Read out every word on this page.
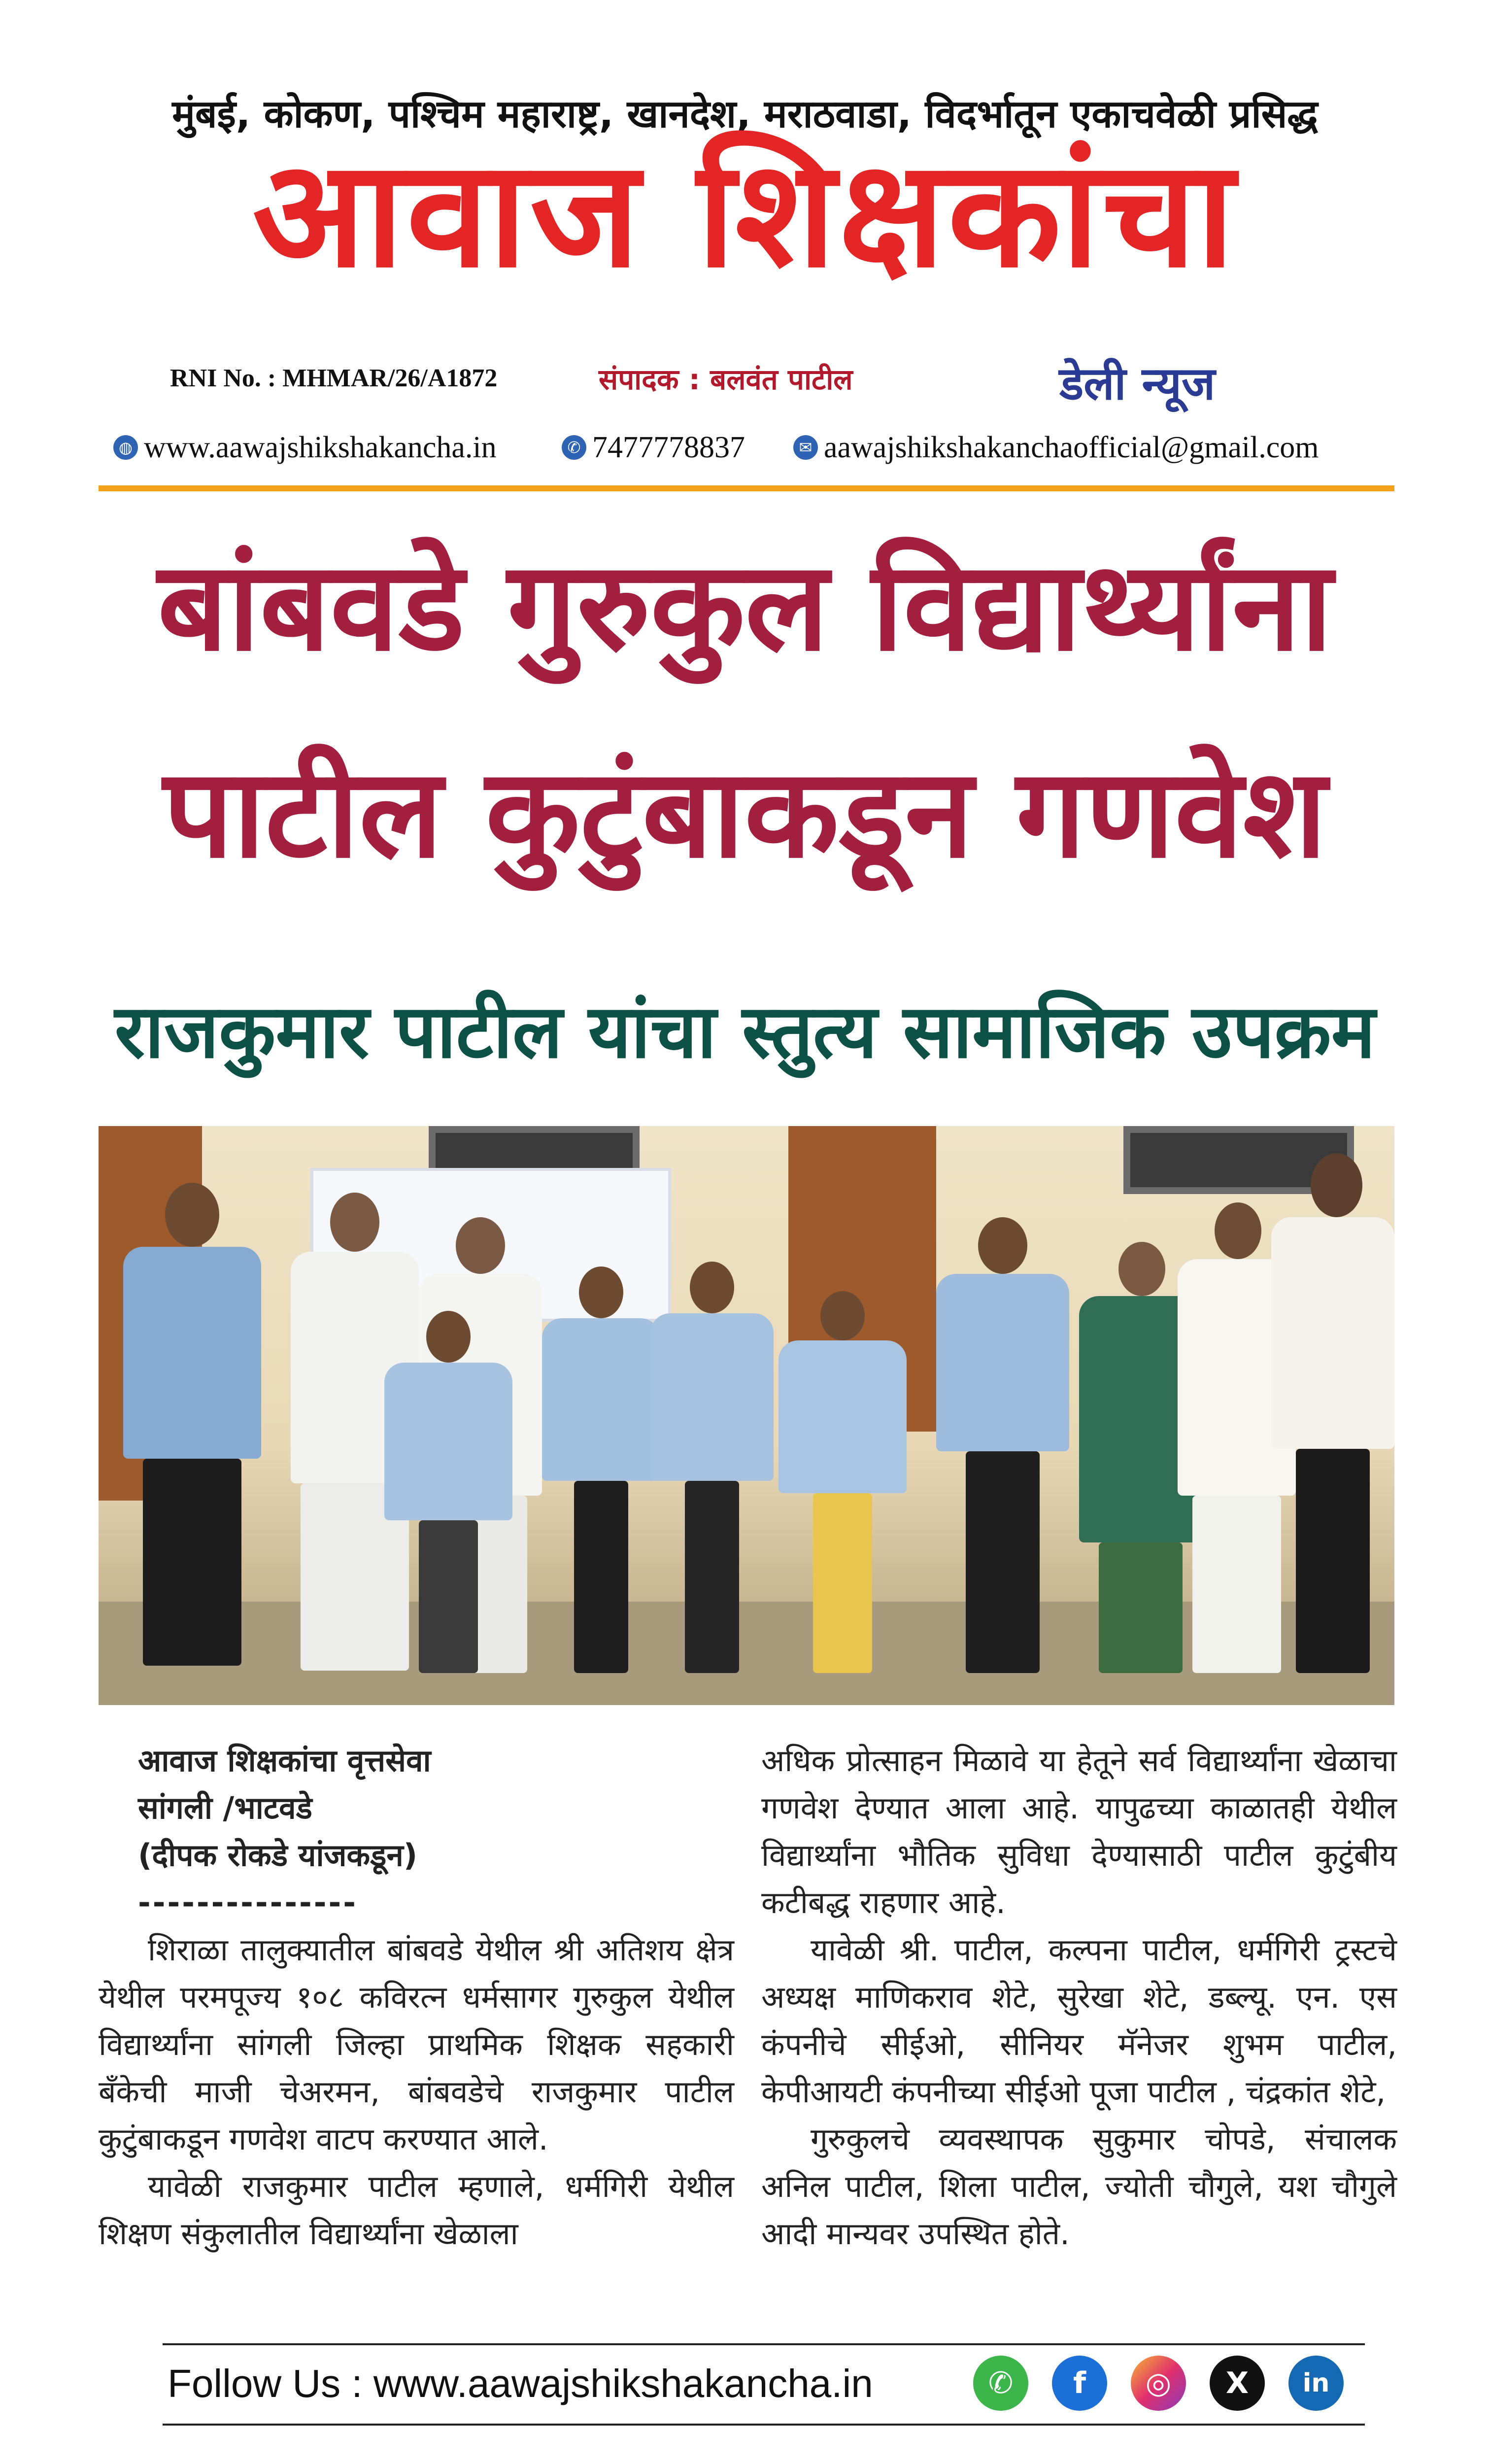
मुंबई, कोकण, पश्चिम महाराष्ट्र, खानदेश, मराठवाडा, विदर्भातून एकाचवेळी प्रसिद्ध
आवाज शिक्षकांचा
RNI No. : MHMAR/26/A1872	संपादक : बलवंत पाटील	डेली न्यूज
◍ www.aawajshikshakancha.in	✆ 7477778837	✉ aawajshikshakanchaofficial@gmail.com
बांबवडे गुरुकुल विद्यार्थ्यांना
पाटील कुटुंबाकडून गणवेश
राजकुमार पाटील यांचा स्तुत्य सामाजिक उपक्रम
आवाज शिक्षकांचा वृत्तसेवा
सांगली /भाटवडे
(दीपक रोकडे यांजकडून)
---------------

शिराळा तालुक्यातील बांबवडे येथील श्री अतिशय क्षेत्र येथील परमपूज्य १०८ कविरत्न धर्मसागर गुरुकुल येथील विद्यार्थ्यांना सांगली जिल्हा प्राथमिक शिक्षक सहकारी बँकेची माजी चेअरमन, बांबवडेचे राजकुमार पाटील कुटुंबाकडून गणवेश वाटप करण्यात आले.

यावेळी राजकुमार पाटील म्हणाले, धर्मगिरी येथील शिक्षण संकुलातील विद्यार्थ्यांना खेळाला

अधिक प्रोत्साहन मिळावे या हेतूने सर्व विद्यार्थ्यांना खेळाचा गणवेश देण्यात आला आहे. यापुढच्या काळातही येथील विद्यार्थ्यांना भौतिक सुविधा देण्यासाठी पाटील कुटुंबीय कटीबद्ध राहणार आहे.

यावेळी श्री. पाटील, कल्पना पाटील, धर्मगिरी ट्रस्टचे अध्यक्ष माणिकराव शेटे, सुरेखा शेटे, डब्ल्यू. एन. एस कंपनीचे सीईओ, सीनियर मॅनेजर शुभम पाटील, केपीआयटी कंपनीच्या सीईओ पूजा पाटील , चंद्रकांत शेटे,

गुरुकुलचे व्यवस्थापक सुकुमार चोपडे, संचालक अनिल पाटील, शिला पाटील, ज्योती चौगुले, यश चौगुले आदी मान्यवर उपस्थित होते.

Follow Us : www.aawajshikshakancha.in	✆	f	◎	X	in
